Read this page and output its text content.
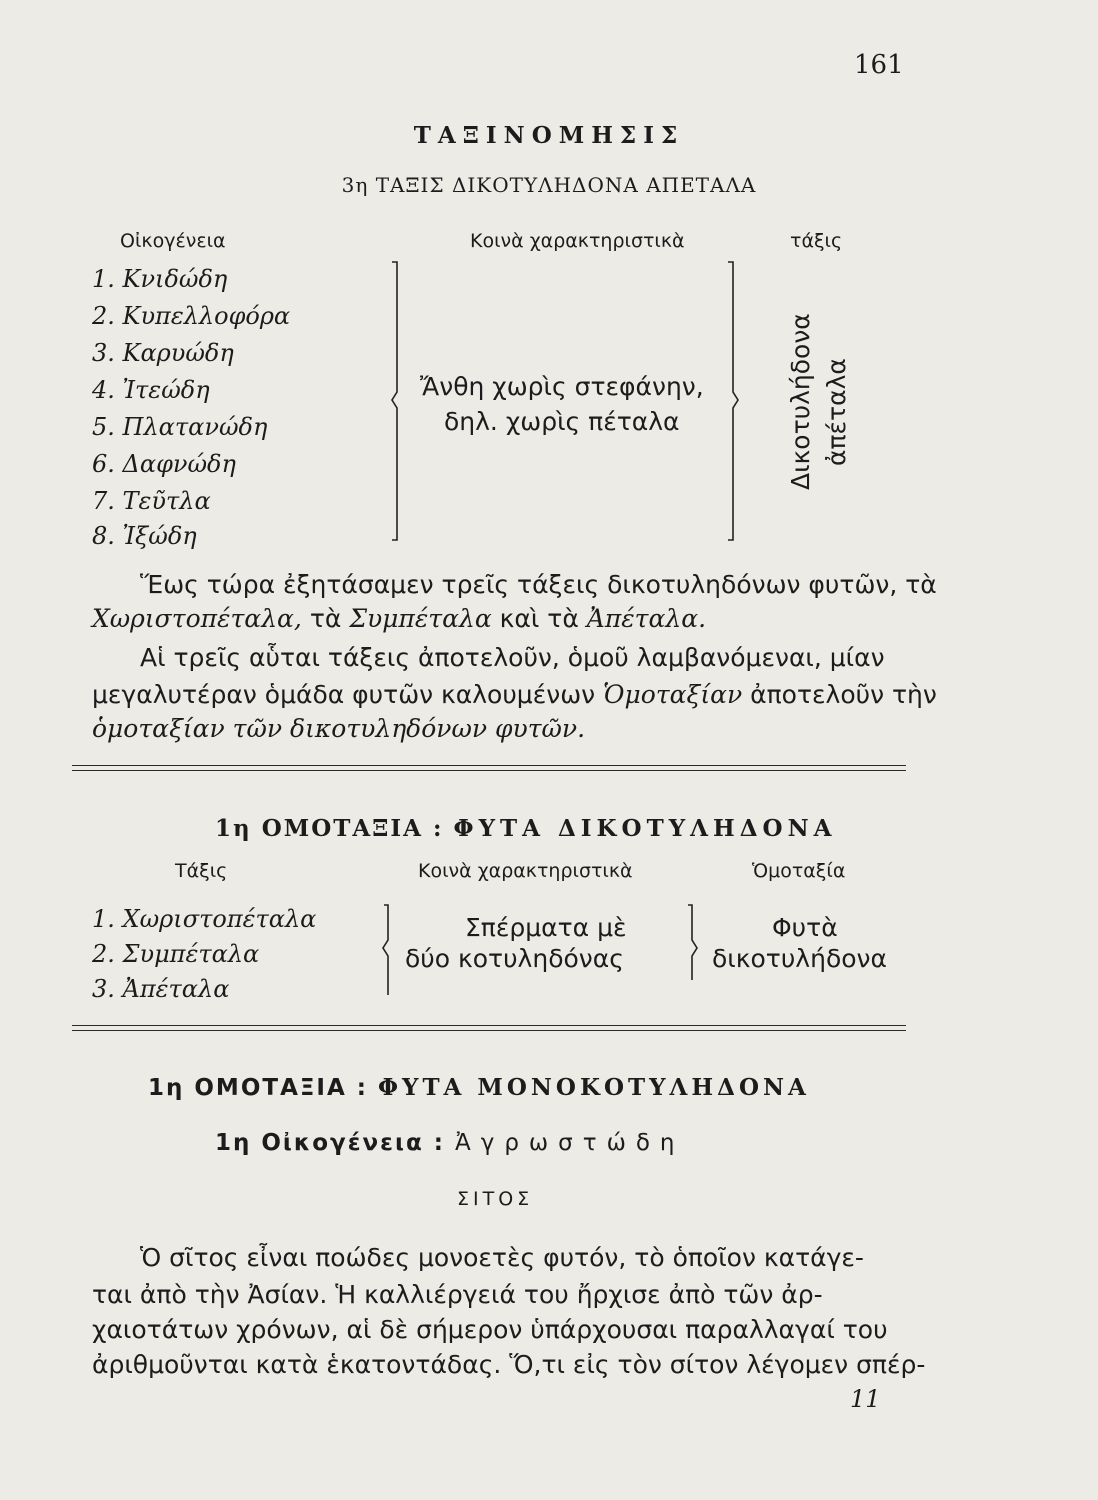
161
ΤΑΞΙΝΟΜΗΣΙΣ
3η ΤΑΞΙΣ ΔΙΚΟΤΥΛΗΔΟΝΑ ΑΠΕΤΑΛΑ
Οἰκογένεια	Κοινὰ χαρακτηριστικὰ	τάξις
1. Κνιδώδη
2. Κυπελλοφόρα
3. Καρυώδη
4. Ἰτεώδη
5. Πλατανώδη
6. Δαφνώδη
7. Τεῦτλα
8. Ἰξώδη
Ἄνθη χωρὶς στεφάνην,
δηλ. χωρὶς πέταλα	Δικοτυλήδονα ἀπέταλα
Ἕως τώρα ἐξητάσαμεν τρεῖς τάξεις δικοτυληδόνων φυτῶν, τὰ
Χωριστοπέταλα, τὰ Συμπέταλα καὶ τὰ Ἀπέταλα.
Αἱ τρεῖς αὗται τάξεις ἀποτελοῦν, ὁμοῦ λαμβανόμεναι, μίαν
μεγαλυτέραν ὁμάδα φυτῶν καλουμένων Ὁμοταξίαν ἀποτελοῦν τὴν
ὁμοταξίαν τῶν δικοτυληδόνων φυτῶν.
1η ΟΜΟΤΑΞΙΑ : ΦΥΤΑ ΔΙΚΟΤΥΛΗΔΟΝΑ
Τάξις	Κοινὰ χαρακτηριστικὰ	Ὁμοταξία
1. Χωριστοπέταλα
2. Συμπέταλα
3. Ἀπέταλα
Σπέρματα μὲ
δύο κοτυληδόνας
Φυτὰ
δικοτυλήδονα
1η ΟΜΟΤΑΞΙΑ : ΦΥΤΑ ΜΟΝΟΚΟΤΥΛΗΔΟΝΑ
1η Οἰκογένεια : Ἀγρωστώδη
ΣΙΤΟΣ
Ὁ σῖτος εἶναι ποώδες μονοετὲς φυτόν, τὸ ὁποῖον κατάγε-
ται ἀπὸ τὴν Ἀσίαν. Ἡ καλλιέργειά του ἤρχισε ἀπὸ τῶν ἀρ-
χαιοτάτων χρόνων, αἱ δὲ σήμερον ὑπάρχουσαι παραλλαγαί του
ἀριθμοῦνται κατὰ ἑκατοντάδας. Ὅ,τι εἰς τὸν σίτον λέγομεν σπέρ-
11
